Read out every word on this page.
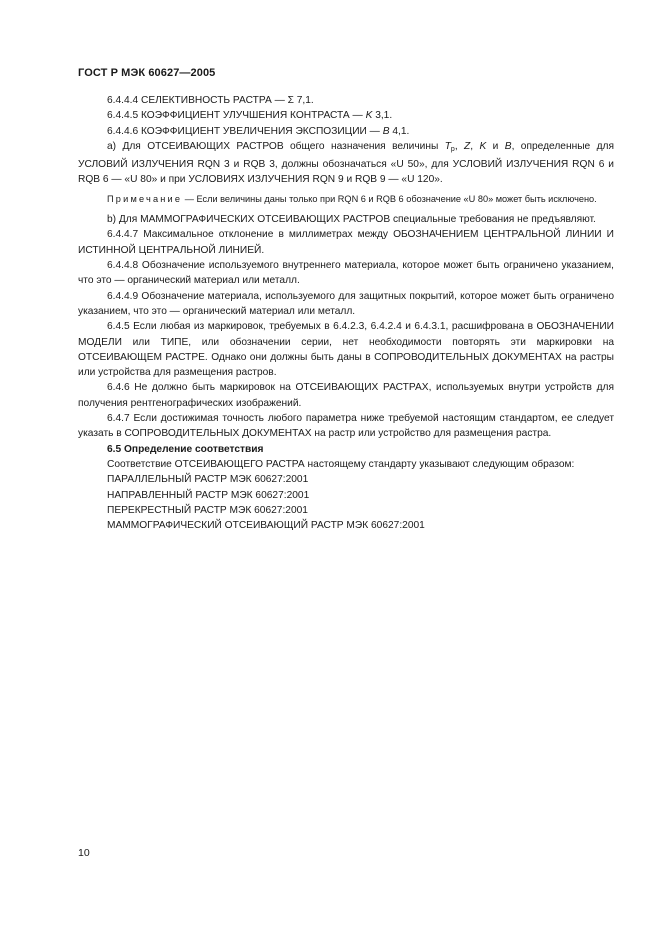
ГОСТ Р МЭК 60627—2005

6.4.4.4 СЕЛЕКТИВНОСТЬ РАСТРА — Σ 7,1.

6.4.4.5 КОЭФФИЦИЕНТ УЛУЧШЕНИЯ КОНТРАСТА — K 3,1.

6.4.4.6 КОЭФФИЦИЕНТ УВЕЛИЧЕНИЯ ЭКСПОЗИЦИИ — B 4,1.

а) Для ОТСЕИВАЮЩИХ РАСТРОВ общего назначения величины $T_p$, Z, K и B, определенные для УСЛОВИЙ ИЗЛУЧЕНИЯ RQN 3 и RQB 3, должны обозначаться «U 50», для УСЛОВИЙ ИЗЛУЧЕНИЯ RQN 6 и RQB 6 — «U 80» и при УСЛОВИЯХ ИЗЛУЧЕНИЯ RQN 9 и RQB 9 — «U 120».

Примечание — Если величины даны только при RQN 6 и RQB 6 обозначение «U 80» может быть исключено.

b) Для МАММОГРАФИЧЕСКИХ ОТСЕИВАЮЩИХ РАСТРОВ специальные требования не предъявляют.

6.4.4.7 Максимальное отклонение в миллиметрах между ОБОЗНАЧЕНИЕМ ЦЕНТРАЛЬНОЙ ЛИНИИ И ИСТИННОЙ ЦЕНТРАЛЬНОЙ ЛИНИЕЙ.

6.4.4.8 Обозначение используемого внутреннего материала, которое может быть ограничено указанием, что это — органический материал или металл.

6.4.4.9 Обозначение материала, используемого для защитных покрытий, которое может быть ограничено указанием, что это — органический материал или металл.

6.4.5 Если любая из маркировок, требуемых в 6.4.2.3, 6.4.2.4 и 6.4.3.1, расшифрована в ОБОЗНАЧЕНИИ МОДЕЛИ или ТИПЕ, или обозначении серии, нет необходимости повторять эти маркировки на ОТСЕИВАЮЩЕМ РАСТРЕ. Однако они должны быть даны в СОПРОВОДИТЕЛЬНЫХ ДОКУМЕНТАХ на растры или устройства для размещения растров.

6.4.6 Не должно быть маркировок на ОТСЕИВАЮЩИХ РАСТРАХ, используемых внутри устройств для получения рентгенографических изображений.

6.4.7 Если достижимая точность любого параметра ниже требуемой настоящим стандартом, ее следует указать в СОПРОВОДИТЕЛЬНЫХ ДОКУМЕНТАХ на растр или устройство для размещения растра.

6.5 Определение соответствия

Соответствие ОТСЕИВАЮЩЕГО РАСТРА настоящему стандарту указывают следующим образом:

ПАРАЛЛЕЛЬНЫЙ РАСТР МЭК 60627:2001

НАПРАВЛЕННЫЙ РАСТР МЭК 60627:2001

ПЕРЕКРЕСТНЫЙ РАСТР МЭК 60627:2001

МАММОГРАФИЧЕСКИЙ ОТСЕИВАЮЩИЙ РАСТР МЭК 60627:2001

10
